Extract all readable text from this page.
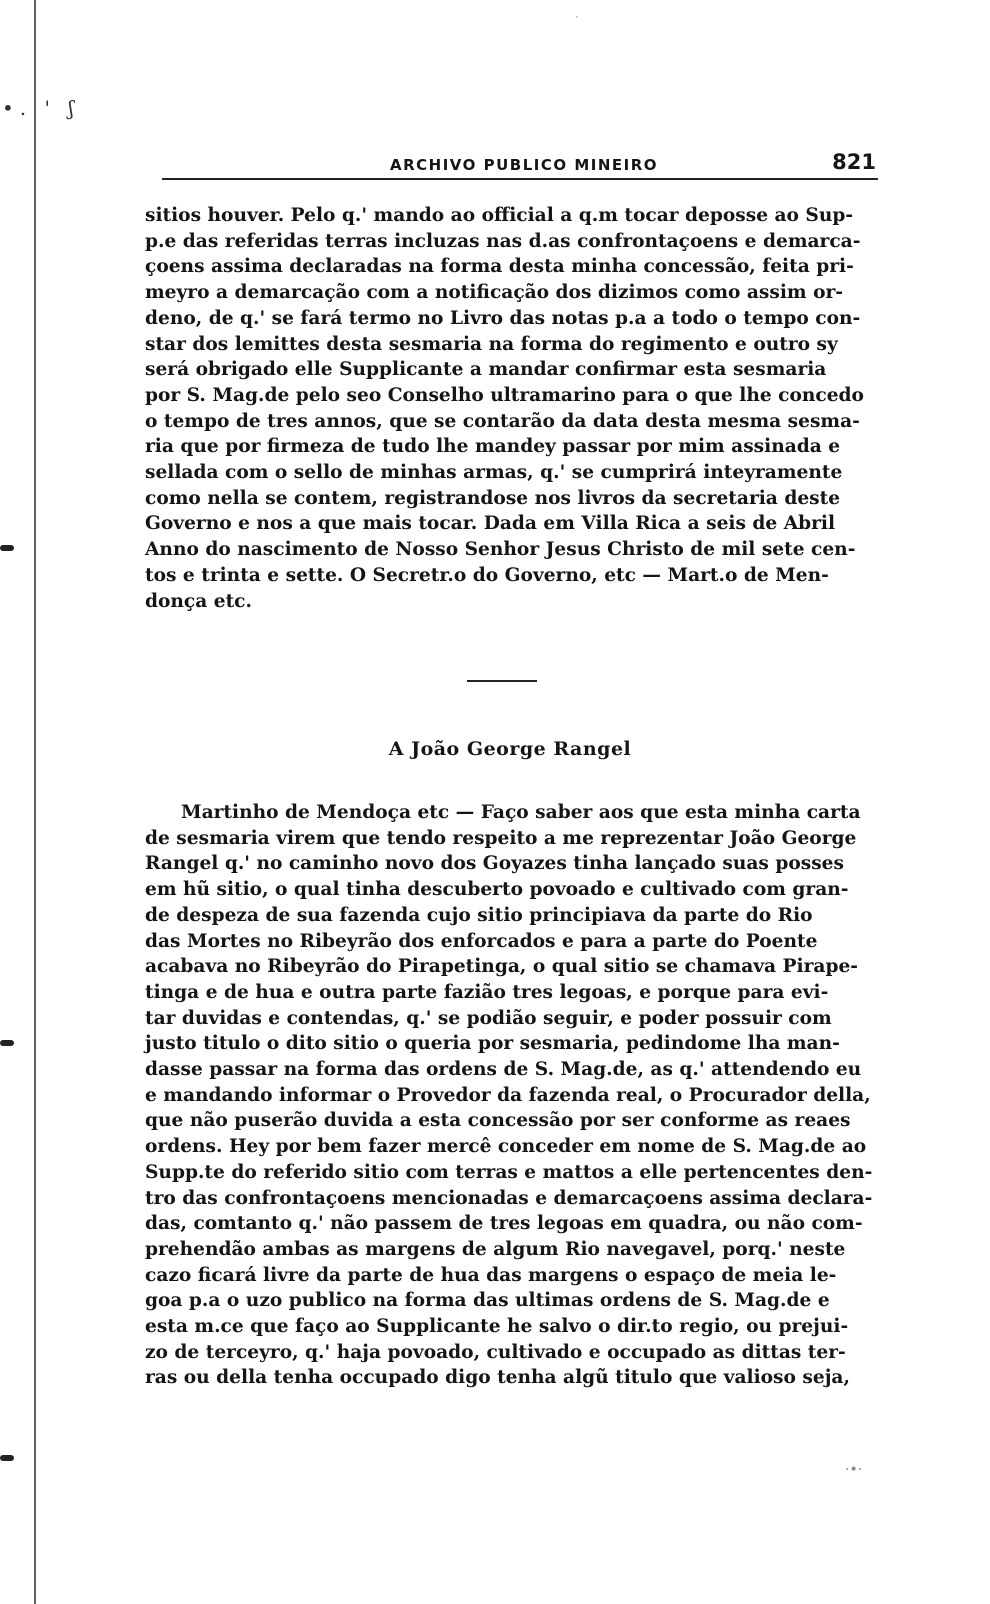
•. ' ʃ
·
ARCHIVO PUBLICO MINEIRO	821

sitios houver. Pelo q.' mando ao official a q.m tocar deposse ao Sup-
p.e das referidas terras incluzas nas d.as confrontaçoens e demarca-
çoens assima declaradas na forma desta minha concessão, feita pri-
meyro a demarcação com a notificação dos dizimos como assim or-
deno, de q.' se fará termo no Livro das notas p.a a todo o tempo con-
star dos lemittes desta sesmaria na forma do regimento e outro sy
será obrigado elle Supplicante a mandar confirmar esta sesmaria
por S. Mag.de pelo seo Conselho ultramarino para o que lhe concedo
o tempo de tres annos, que se contarão da data desta mesma sesma-
ria que por firmeza de tudo lhe mandey passar por mim assinada e
sellada com o sello de minhas armas, q.' se cumprirá inteyramente
como nella se contem, registrandose nos livros da secretaria deste
Governo e nos a que mais tocar. Dada em Villa Rica a seis de Abril
Anno do nascimento de Nosso Senhor Jesus Christo de mil sete cen-
tos e trinta e sette. O Secretr.o do Governo, etc — Mart.o de Men-
donça etc.

A João George Rangel

Martinho de Mendoça etc — Faço saber aos que esta minha carta
de sesmaria virem que tendo respeito a me reprezentar João George
Rangel q.' no caminho novo dos Goyazes tinha lançado suas posses
em hũ sitio, o qual tinha descuberto povoado e cultivado com gran-
de despeza de sua fazenda cujo sitio principiava da parte do Rio
das Mortes no Ribeyrão dos enforcados e para a parte do Poente
acabava no Ribeyrão do Pirapetinga, o qual sitio se chamava Pirape-
tinga e de hua e outra parte fazião tres legoas, e porque para evi-
tar duvidas e contendas, q.' se podião seguir, e poder possuir com
justo titulo o dito sitio o queria por sesmaria, pedindome lha man-
dasse passar na forma das ordens de S. Mag.de, as q.' attendendo eu
e mandando informar o Provedor da fazenda real, o Procurador della,
que não puserão duvida a esta concessão por ser conforme as reaes
ordens. Hey por bem fazer mercê conceder em nome de S. Mag.de ao
Supp.te do referido sitio com terras e mattos a elle pertencentes den-
tro das confrontaçoens mencionadas e demarcaçoens assima declara-
das, comtanto q.' não passem de tres legoas em quadra, ou não com-
prehendão ambas as margens de algum Rio navegavel, porq.' neste
cazo ficará livre da parte de hua das margens o espaço de meia le-
goa p.a o uzo publico na forma das ultimas ordens de S. Mag.de e
esta m.ce que faço ao Supplicante he salvo o dir.to regio, ou prejui-
zo de terceyro, q.' haja povoado, cultivado e occupado as dittas ter-
ras ou della tenha occupado digo tenha algũ titulo que valioso seja,

·•·
